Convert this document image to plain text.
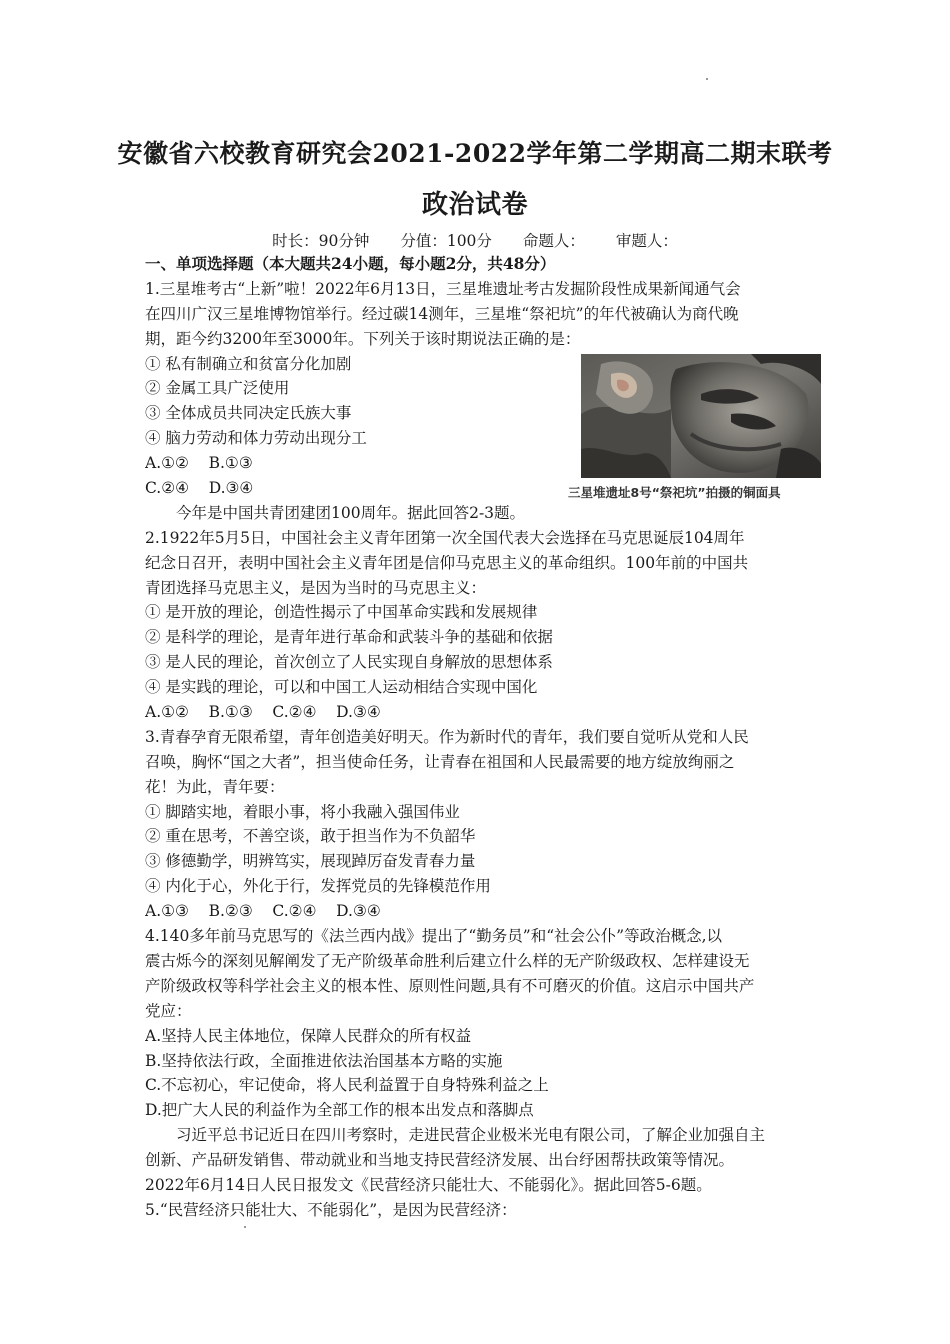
安徽省六校教育研究会2021-2022学年第二学期高二期末联考
政治试卷
时长：90分钟 分值：100分 命题人： 审题人：
一、单项选择题（本大题共24小题，每小题2分，共48分）
1.三星堆考古“上新”啦！2022年6月13日，三星堆遗址考古发掘阶段性成果新闻通气会
在四川广汉三星堆博物馆举行。经过碳14测年，三星堆“祭祀坑”的年代被确认为商代晚
期，距今约3200年至3000年。下列关于该时期说法正确的是：
① 私有制确立和贫富分化加剧
② 金属工具广泛使用
③ 全体成员共同决定氏族大事
④ 脑力劳动和体力劳动出现分工
A.①②    B.①③
C.②④    D.③④
今年是中国共青团建团100周年。据此回答2-3题。
2.1922年5月5日，中国社会主义青年团第一次全国代表大会选择在马克思诞辰104周年
纪念日召开，表明中国社会主义青年团是信仰马克思主义的革命组织。100年前的中国共
青团选择马克思主义，是因为当时的马克思主义：
① 是开放的理论，创造性揭示了中国革命实践和发展规律
② 是科学的理论，是青年进行革命和武装斗争的基础和依据
③ 是人民的理论，首次创立了人民实现自身解放的思想体系
④ 是实践的理论，可以和中国工人运动相结合实现中国化
A.①②    B.①③    C.②④    D.③④
3.青春孕育无限希望，青年创造美好明天。作为新时代的青年，我们要自觉听从党和人民
召唤，胸怀“国之大者”，担当使命任务，让青春在祖国和人民最需要的地方绽放绚丽之
花！为此，青年要：
① 脚踏实地，着眼小事，将小我融入强国伟业
② 重在思考，不善空谈，敢于担当作为不负韶华
③ 修德勤学，明辨笃实，展现踔厉奋发青春力量
④ 内化于心，外化于行，发挥党员的先锋模范作用
A.①③    B.②③    C.②④    D.③④
4.140多年前马克思写的《法兰西内战》提出了“勤务员”和“社会公仆”等政治概念,以
震古烁今的深刻见解阐发了无产阶级革命胜利后建立什么样的无产阶级政权、怎样建设无
产阶级政权等科学社会主义的根本性、原则性问题,具有不可磨灭的价值。这启示中国共产
党应：
A.坚持人民主体地位，保障人民群众的所有权益
B.坚持依法行政，全面推进依法治国基本方略的实施
C.不忘初心，牢记使命，将人民利益置于自身特殊利益之上
D.把广大人民的利益作为全部工作的根本出发点和落脚点
习近平总书记近日在四川考察时，走进民营企业极米光电有限公司，了解企业加强自主
创新、产品研发销售、带动就业和当地支持民营经济发展、出台纾困帮扶政策等情况。
2022年6月14日人民日报发文《民营经济只能壮大、不能弱化》。据此回答5-6题。
5.“民营经济只能壮大、不能弱化”，是因为民营经济：
三星堆遗址8号“祭祀坑”拍摄的铜面具
